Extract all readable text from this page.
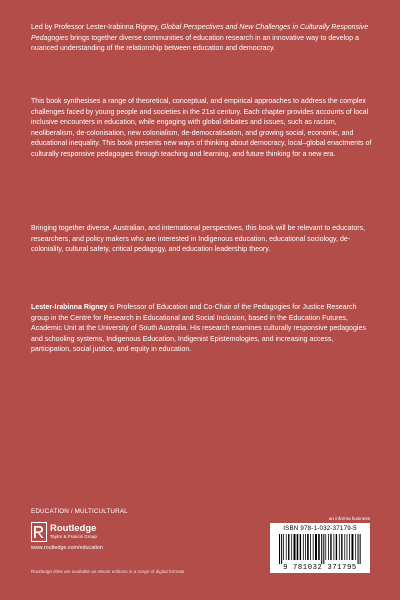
Led by Professor Lester-Irabinna Rigney, Global Perspectives and New Challenges in Culturally Responsive Pedagogies brings together diverse communities of education research in an innovative way to develop a nuanced understanding of the relationship between education and democracy.

This book synthesises a range of theoretical, conceptual, and empirical approaches to address the complex challenges faced by young people and societies in the 21st century. Each chapter provides accounts of local inclusive encounters in education, while engaging with global debates and issues, such as racism, neoliberalism, de-colonisation, new colonialism, de-democratisation, and growing social, economic, and educational inequality. This book presents new ways of thinking about democracy, local–global enactments of culturally responsive pedagogies through teaching and learning, and future thinking for a new era.

Bringing together diverse, Australian, and international perspectives, this book will be relevant to educators, researchers, and policy makers who are interested in Indigenous education, educational sociology, de-coloniality, cultural safety, critical pedagogy, and education leadership theory.

Lester-Irabinna Rigney is Professor of Education and Co-Chair of the Pedagogies for Justice Research group in the Centre for Research in Educational and Social Inclusion, based in the Education Futures, Academic Unit at the University of South Australia. His research examines culturally responsive pedagogies and schooling systems, Indigenous Education, Indigenist Epistemologies, and increasing access, participation, social justice, and equity in education.

EDUCATION / MULTICULTURAL
Routledge
Taylor & Francis Group
www.routledge.com/education
Routledge titles are available as eBook editions in a range of digital formats
an informa business
ISBN 978-1-032-37179-5
9 781032 371795
